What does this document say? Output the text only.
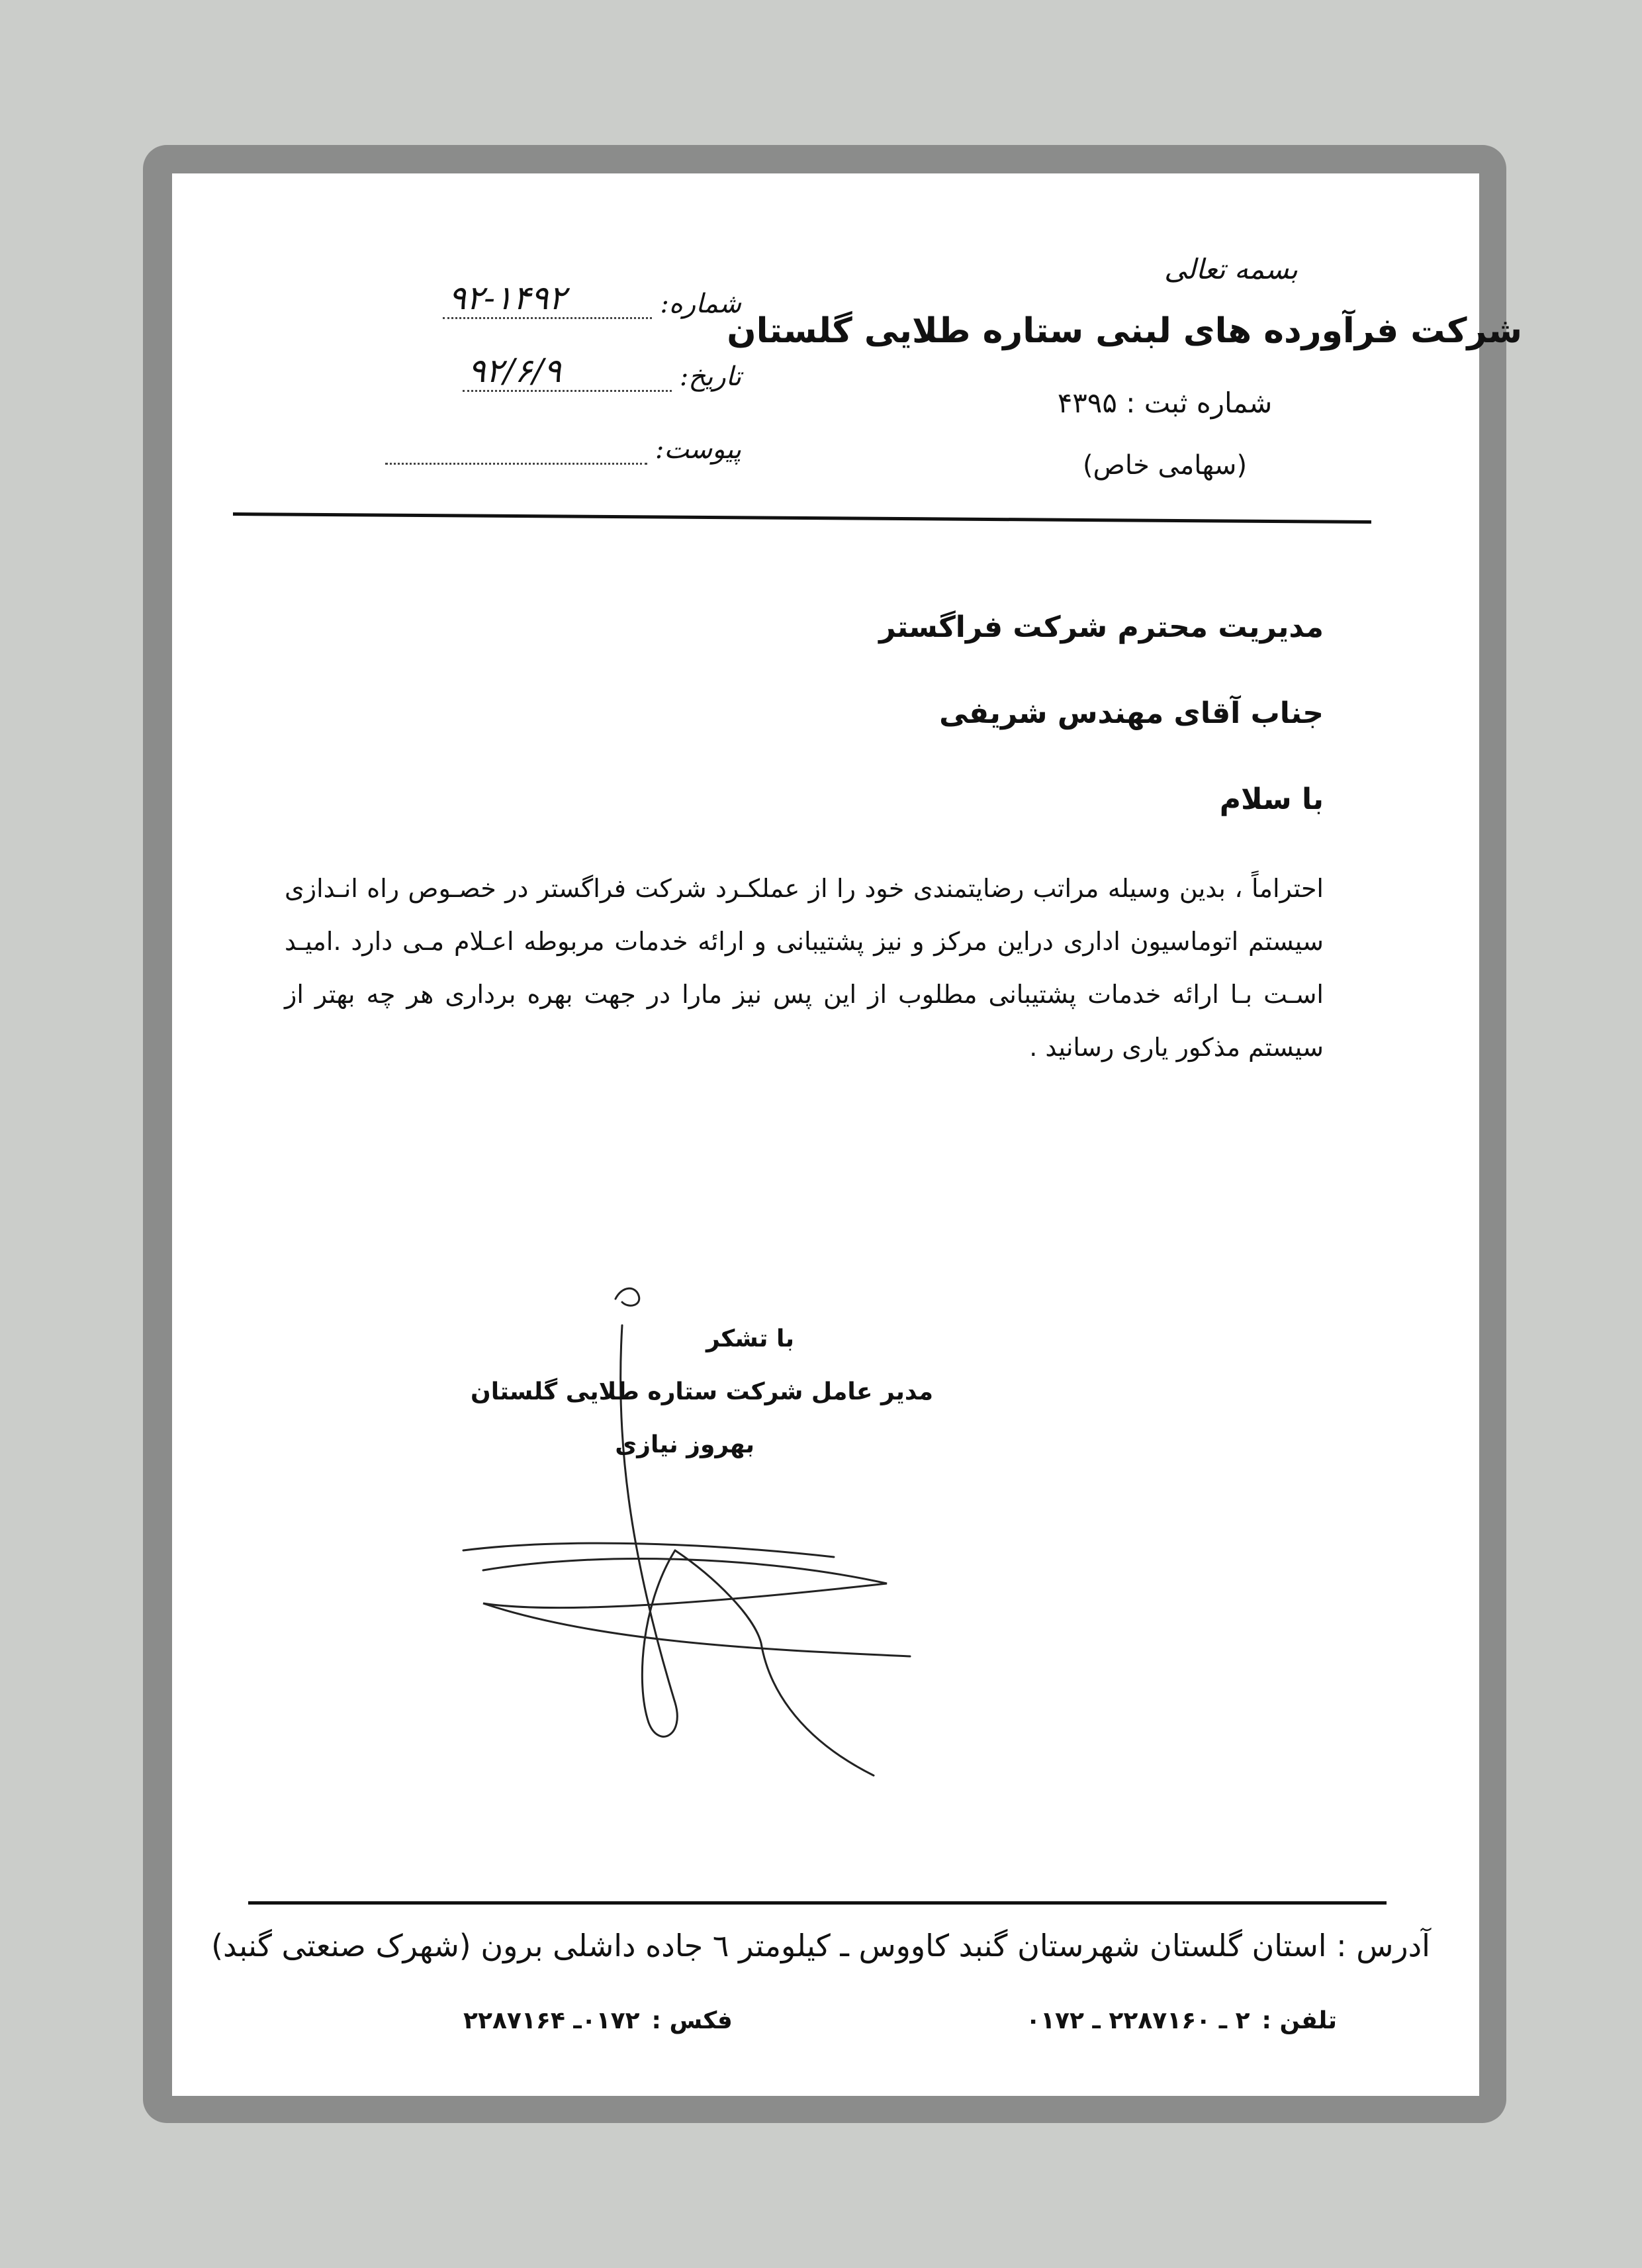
بسمه تعالی
شرکت فرآورده های لبنی ستاره طلایی گلستان
شماره ثبت : ۴۳۹۵
(سهامی خاص)
شماره:
۹۲-۱۴۹۲
تاریخ:
۹۲/۶/۹
پیوست:
مدیریت محترم شرکت فراگستر
جناب آقای مهندس شریفی
با سلام
احتراماً ، بدین وسیله مراتب رضایتمندی خود را از عملکـرد شرکت فراگستر در خصـوص راه انـدازی سیستم اتوماسیون اداری دراین مرکز و نیز پشتیبانی و ارائه خدمات مربوطه اعـلام مـی دارد .امیـد اسـت بـا ارائه خدمات پشتیبانی مطلوب از این پس نیز مارا در جهت بهره برداری هر چه بهتر از سیستم مذکور یاری رسانید .
با تشکر
مدیر عامل شرکت ستاره طلایی گلستان
بهروز نیازی
آدرس : استان گلستان شهرستان گنبد کاووس ـ کیلومتر ٦ جاده داشلی برون (شهرک صنعتی گنبد)
تلفن :
۲ ـ ۲۲۸۷۱۶۰ ـ ۰۱۷۲
فکس :
۰۱۷۲ـ ۲۲۸۷۱۶۴
